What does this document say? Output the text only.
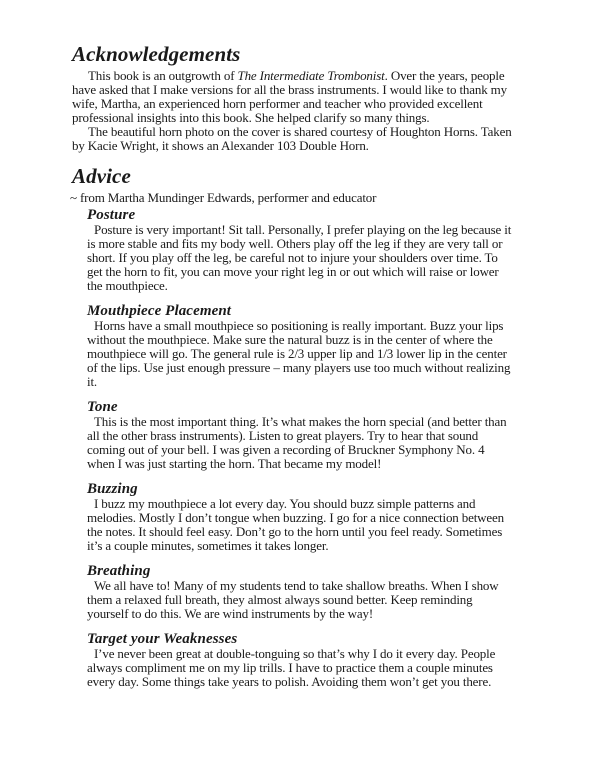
Acknowledgements

This book is an outgrowth of The Intermediate Trombonist. Over the years, people have asked that I make versions for all the brass instruments. I would like to thank my wife, Martha, an experienced horn performer and teacher who provided excellent professional insights into this book. She helped clarify so many things.

The beautiful horn photo on the cover is shared courtesy of Houghton Horns. Taken by Kacie Wright, it shows an Alexander 103 Double Horn.

Advice

~ from Martha Mundinger Edwards, performer and educator

Posture

Posture is very important! Sit tall. Personally, I prefer playing on the leg because it is more stable and fits my body well. Others play off the leg if they are very tall or short. If you play off the leg, be careful not to injure your shoulders over time. To get the horn to fit, you can move your right leg in or out which will raise or lower the mouthpiece.

Mouthpiece Placement

Horns have a small mouthpiece so positioning is really important. Buzz your lips without the mouthpiece. Make sure the natural buzz is in the center of where the mouthpiece will go. The general rule is 2/3 upper lip and 1/3 lower lip in the center of the lips. Use just enough pressure – many players use too much without realizing it.

Tone

This is the most important thing. It’s what makes the horn special (and better than all the other brass instruments). Listen to great players. Try to hear that sound coming out of your bell. I was given a recording of Bruckner Symphony No. 4 when I was just starting the horn. That became my model!

Buzzing

I buzz my mouthpiece a lot every day. You should buzz simple patterns and melodies. Mostly I don’t tongue when buzzing. I go for a nice connection between the notes. It should feel easy. Don’t go to the horn until you feel ready. Sometimes it’s a couple minutes, sometimes it takes longer.

Breathing

We all have to! Many of my students tend to take shallow breaths. When I show them a relaxed full breath, they almost always sound better. Keep reminding yourself to do this. We are wind instruments by the way!

Target your Weaknesses

I’ve never been great at double-tonguing so that’s why I do it every day. People always compliment me on my lip trills. I have to practice them a couple minutes every day. Some things take years to polish. Avoiding them won’t get you there.
